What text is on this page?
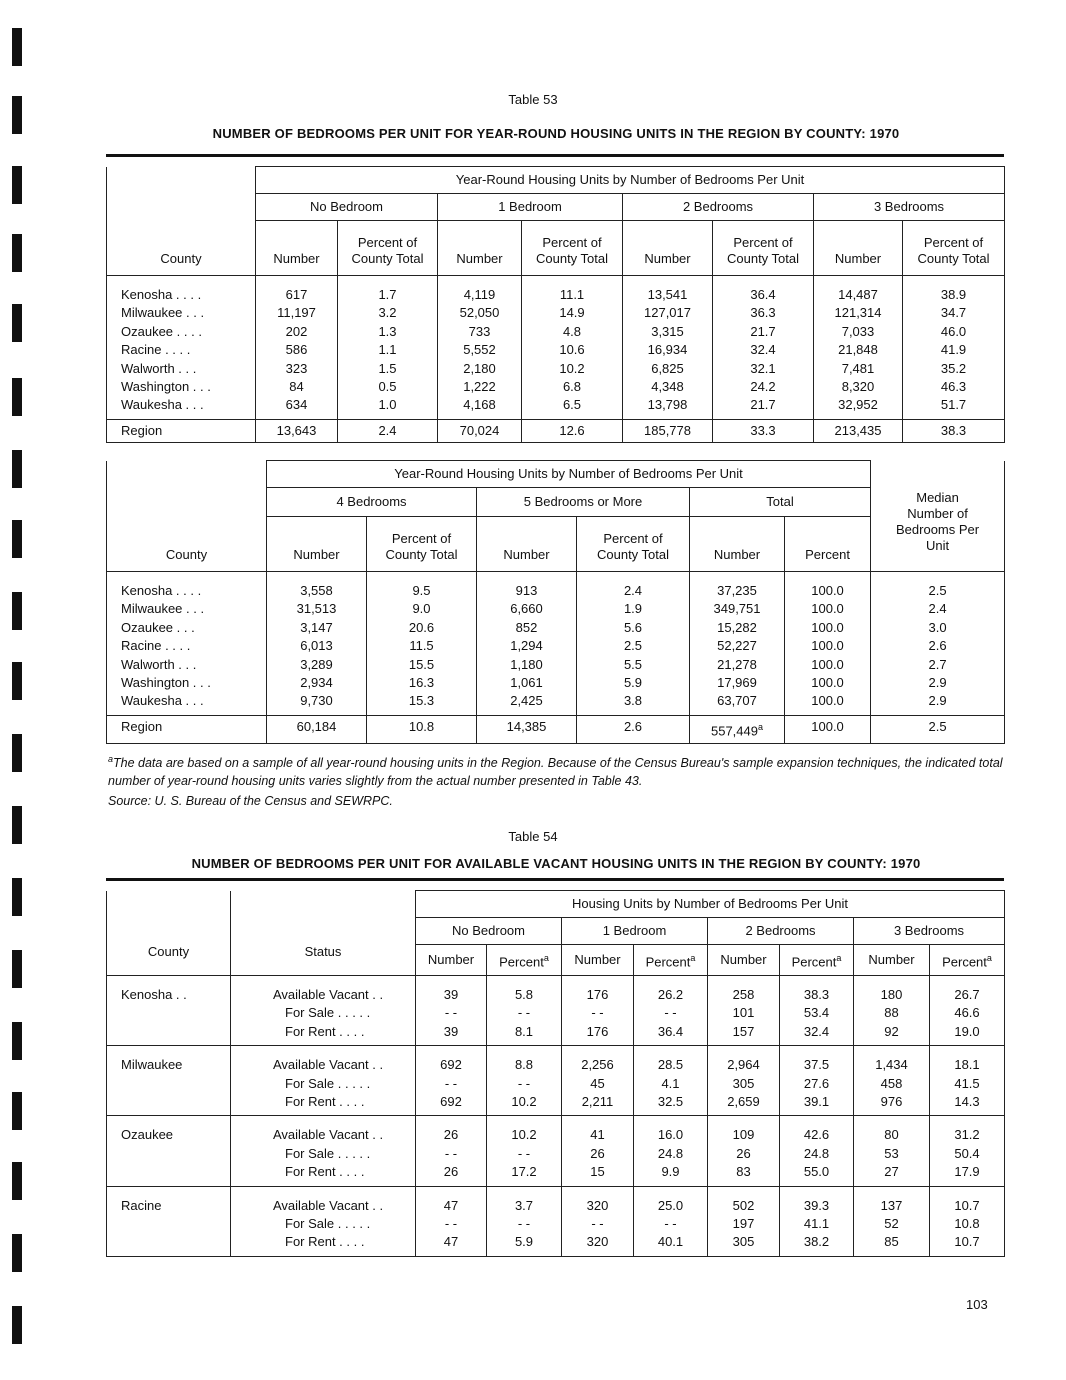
Table 53
NUMBER OF BEDROOMS PER UNIT FOR YEAR-ROUND HOUSING UNITS IN THE REGION BY COUNTY: 1970
County	Year-Round Housing Units by Number of Bedrooms Per Unit							
	No Bedroom		1 Bedroom		2 Bedrooms		3 Bedrooms	
	Number	Percent of County Total	Number	Percent of County Total	Number	Percent of County Total	Number	Percent of County Total
Kenosha . . . .	617	1.7	4,119	11.1	13,541	36.4	14,487	38.9
Milwaukee . . .	11,197	3.2	52,050	14.9	127,017	36.3	121,314	34.7
Ozaukee . . . .	202	1.3	733	4.8	3,315	21.7	7,033	46.0
Racine . . . .	586	1.1	5,552	10.6	16,934	32.4	21,848	41.9
Walworth . . .	323	1.5	2,180	10.2	6,825	32.1	7,481	35.2
Washington . . .	84	0.5	1,222	6.8	4,348	24.2	8,320	46.3
Waukesha . . .	634	1.0	4,168	6.5	13,798	21.7	32,952	51.7
Region	13,643	2.4	70,024	12.6	185,778	33.3	213,435	38.3
County	Year-Round Housing Units by Number of Bedrooms Per Unit						Median Number of Bedrooms Per Unit
	4 Bedrooms		5 Bedrooms or More		Total		
	Number	Percent of County Total	Number	Percent of County Total	Number	Percent	
Kenosha . . . .	3,558	9.5	913	2.4	37,235	100.0	2.5
Milwaukee . . .	31,513	9.0	6,660	1.9	349,751	100.0	2.4
Ozaukee . . .	3,147	20.6	852	5.6	15,282	100.0	3.0
Racine . . . .	6,013	11.5	1,294	2.5	52,227	100.0	2.6
Walworth . . .	3,289	15.5	1,180	5.5	21,278	100.0	2.7
Washington . . .	2,934	16.3	1,061	5.9	17,969	100.0	2.9
Waukesha . . .	9,730	15.3	2,425	3.8	63,707	100.0	2.9
Region	60,184	10.8	14,385	2.6	557,449$^a$	100.0	2.5
$^a$The data are based on a sample of all year-round housing units in the Region. Because of the Census Bureau's sample expansion techniques, the indicated total number of year-round housing units varies slightly from the actual number presented in Table 43.
Source: U. S. Bureau of the Census and SEWRPC.
Table 54
NUMBER OF BEDROOMS PER UNIT FOR AVAILABLE VACANT HOUSING UNITS IN THE REGION BY COUNTY: 1970
County	Status	Housing Units by Number of Bedrooms Per Unit							
		No Bedroom		1 Bedroom		2 Bedrooms		3 Bedrooms	
		Number	Percent$^a$	Number	Percent$^a$	Number	Percent$^a$	Number	Percent$^a$
Kenosha . .	Available Vacant . .	39	5.8	176	26.2	258	38.3	180	26.7
	For Sale . . . . .	- -	- -	- -	- -	101	53.4	88	46.6
	For Rent . . . .	39	8.1	176	36.4	157	32.4	92	19.0
Milwaukee	Available Vacant . .	692	8.8	2,256	28.5	2,964	37.5	1,434	18.1
	For Sale . . . . .	- -	- -	45	4.1	305	27.6	458	41.5
	For Rent . . . .	692	10.2	2,211	32.5	2,659	39.1	976	14.3
Ozaukee	Available Vacant . .	26	10.2	41	16.0	109	42.6	80	31.2
	For Sale . . . . .	- -	- -	26	24.8	26	24.8	53	50.4
	For Rent . . . .	26	17.2	15	9.9	83	55.0	27	17.9
Racine	Available Vacant . .	47	3.7	320	25.0	502	39.3	137	10.7
	For Sale . . . . .	- -	- -	- -	- -	197	41.1	52	10.8
	For Rent . . . .	47	5.9	320	40.1	305	38.2	85	10.7
103
